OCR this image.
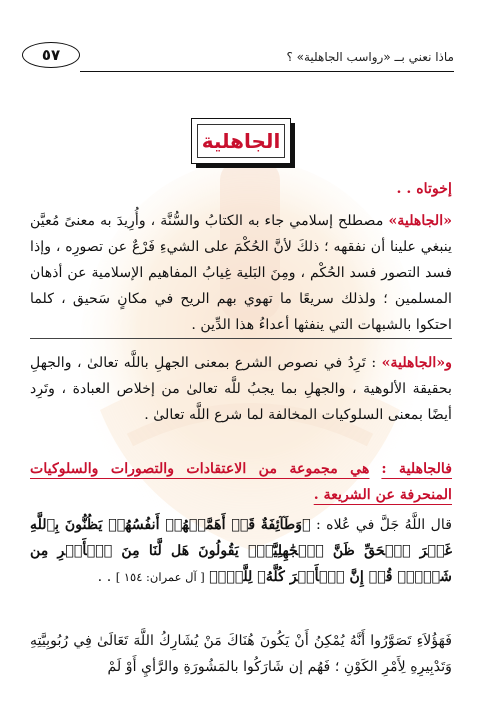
ماذا نعني بــ «رواسب الجاهلية» ؟
٥٧
الجاهلية
إخوتاه . .
«الجاهلية» مصطلح إسلامي جاء به الكتابُ والسُّنَّة ، وأُرِيدَ به معنىً مُعيَّن ينبغي علينا أن نفقهه ؛ ذلكَ لأنَّ الحُكْمَ على الشيءِ فَرْعٌ عن تصورِه ، وإذا فسد التصور فسد الحُكْم ، ومِنَ البَلية غِيابُ المفاهيم الإسلامية عن أذهان المسلمين ؛ ولذلك سريعًا ما تهوي بهم الريح في مكانٍ سَحيق ، كلما احتكوا بالشبهات التي ينفثها أعداءُ هذا الدِّين .
و«الجاهلية» : تَرِدُ في نصوص الشرع بمعنى الجهلِ باللَّه تعالىٰ ، والجهلِ بحقيقة الألوهية ، والجهلِ بما يجبُ للَّه تعالىٰ من إخلاص العبادة ، وتَرِد أيضًا بمعنى السلوكيات المخالفة لما شرع اللَّه تعالىٰ .
فالجاهلية : هي مجموعة من الاعتقادات والتصورات والسلوكيات المنحرفة عن الشريعة .
قال اللَّهُ جَلَّ في عُلاه : ﴿وَطَآئِفَةٌ قَدۡ أَهَمَّتۡهُمۡ أَنفُسُهُمۡ يَظُنُّونَ بِٱللَّهِ غَيۡرَ ٱلۡحَقِّ ظَنَّ ٱلۡجَٰهِلِيَّةِۖ يَقُولُونَ هَل لَّنَا مِنَ ٱلۡأَمۡرِ مِن شَيۡءٖۗ قُلۡ إِنَّ ٱلۡأَمۡرَ كُلَّهُۥ لِلَّهِۗ﴾ [ آل عمران: ١٥٤ ] . .
فَهَؤُلاَءِ تَصَوَّرُوا أَنَّهُ يُمْكِنُ أَنْ يَكُونَ هُنَاكَ مَنْ يُشَارِكُ اللَّهَ تَعَالَىٰ فِي رُبُوبِيَّتِهِ وَتَدْبِيرِهِ لِأَمْرِ الكَوْنِ ؛ فَهُم إن شَارَكُوا بالمَشُورَةِ والرَّأيِ أَوْ لَمْ
